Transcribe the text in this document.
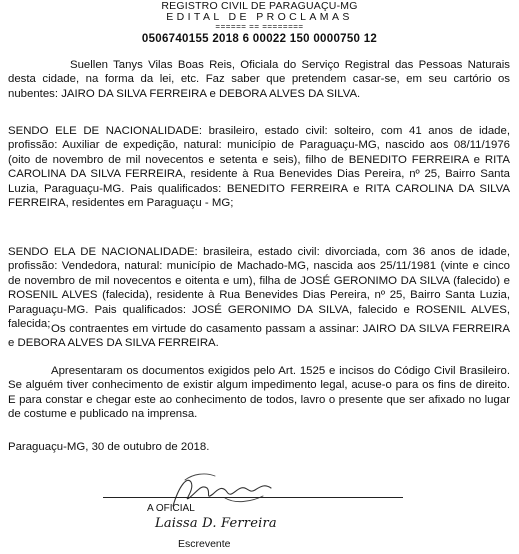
REGISTRO CIVIL DE PARAGUAÇU-MG
EDITAL DE PROCLAMAS
====== == ========
0506740155 2018 6 00022 150 0000750 12

Suellen Tanys Vilas Boas Reis, Oficiala do Serviço Registral das Pessoas Naturais desta cidade, na forma da lei, etc. Faz saber que pretendem casar-se, em seu cartório os nubentes: JAIRO DA SILVA FERREIRA e DEBORA ALVES DA SILVA.

SENDO ELE DE NACIONALIDADE: brasileiro, estado civil: solteiro, com 41 anos de idade, profissão: Auxiliar de expedição, natural: município de Paraguaçu-MG, nascido aos 08/11/1976 (oito de novembro de mil novecentos e setenta e seis), filho de BENEDITO FERREIRA e RITA CAROLINA DA SILVA FERREIRA, residente à Rua Benevides Dias Pereira, nº 25, Bairro Santa Luzia, Paraguaçu-MG. Pais qualificados: BENEDITO FERREIRA e RITA CAROLINA DA SILVA FERREIRA, residentes em Paraguaçu - MG;

SENDO ELA DE NACIONALIDADE: brasileira, estado civil: divorciada, com 36 anos de idade, profissão: Vendedora, natural: município de Machado-MG, nascida aos 25/11/1981 (vinte e cinco de novembro de mil novecentos e oitenta e um), filha de JOSÉ GERONIMO DA SILVA (falecido) e ROSENIL ALVES (falecida), residente à Rua Benevides Dias Pereira, nº 25, Bairro Santa Luzia, Paraguaçu-MG. Pais qualificados: JOSÉ GERONIMO DA SILVA, falecido e ROSENIL ALVES, falecida; Os contraentes em virtude do casamento passam a assinar: JAIRO DA SILVA FERREIRA e DEBORA ALVES DA SILVA FERREIRA.

Apresentaram os documentos exigidos pelo Art. 1525 e incisos do Código Civil Brasileiro. Se alguém tiver conhecimento de existir algum impedimento legal, acuse-o para os fins de direito. E para constar e chegar este ao conhecimento de todos, lavro o presente que ser afixado no lugar de costume e publicado na imprensa.

Paraguaçu-MG, 30 de outubro de 2018.

A OFICIAL
Laissa D. Ferreira
Escrevente
